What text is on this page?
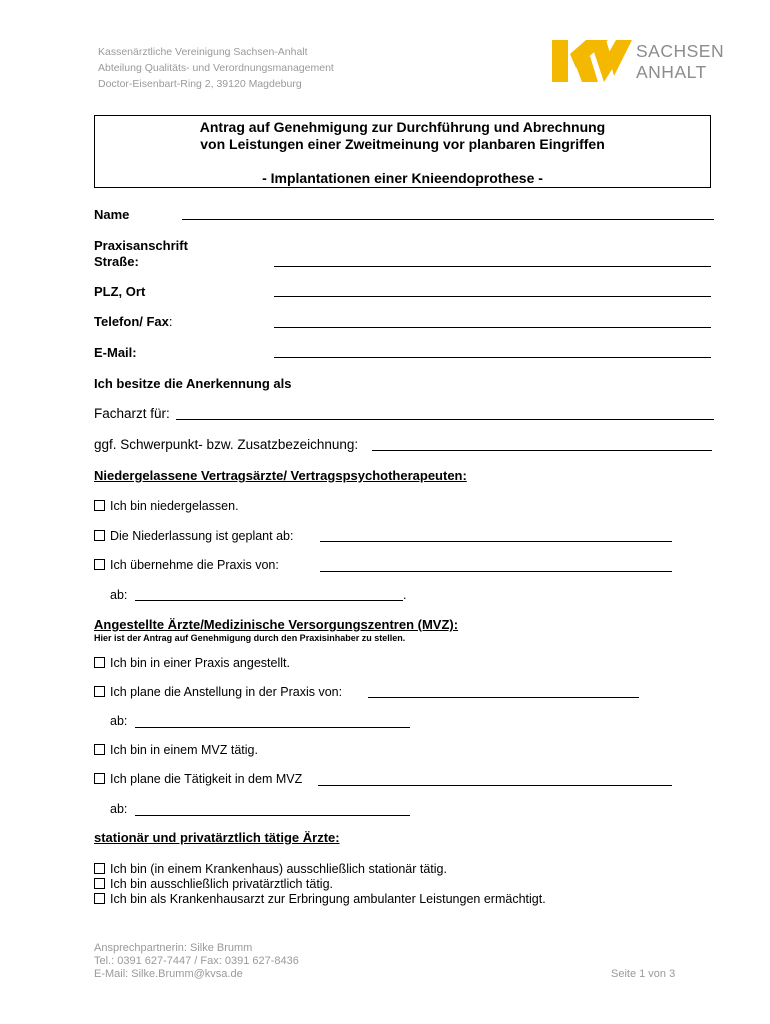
Kassenärztliche Vereinigung Sachsen-Anhalt
Abteilung Qualitäts- und Verordnungsmanagement
Doctor-Eisenbart-Ring 2, 39120 Magdeburg
SACHSEN
ANHALT
Antrag auf Genehmigung zur Durchführung und Abrechnung
von Leistungen einer Zweitmeinung vor planbaren Eingriffen
- Implantationen einer Knieendoprothese -
Name
Praxisanschrift
Straße:
PLZ, Ort
Telefon/ Fax:
E-Mail:
Ich besitze die Anerkennung als
Facharzt für:
ggf. Schwerpunkt- bzw. Zusatzbezeichnung:
Niedergelassene Vertragsärzte/ Vertragspsychotherapeuten:
Ich bin niedergelassen.
Die Niederlassung ist geplant ab:
Ich übernehme die Praxis von:
ab:	.
Angestellte Ärzte/Medizinische Versorgungszentren (MVZ):
Hier ist der Antrag auf Genehmigung durch den Praxisinhaber zu stellen.
Ich bin in einer Praxis angestellt.
Ich plane die Anstellung in der Praxis von:
ab:
Ich bin in einem MVZ tätig.
Ich plane die Tätigkeit in dem MVZ
ab:
stationär und privatärztlich tätige Ärzte:
Ich bin (in einem Krankenhaus) ausschließlich stationär tätig.
Ich bin ausschließlich privatärztlich tätig.
Ich bin als Krankenhausarzt zur Erbringung ambulanter Leistungen ermächtigt.
Ansprechpartnerin: Silke Brumm
Tel.: 0391 627-7447 / Fax: 0391 627-8436
E-Mail: Silke.Brumm@kvsa.de	Seite 1 von 3
